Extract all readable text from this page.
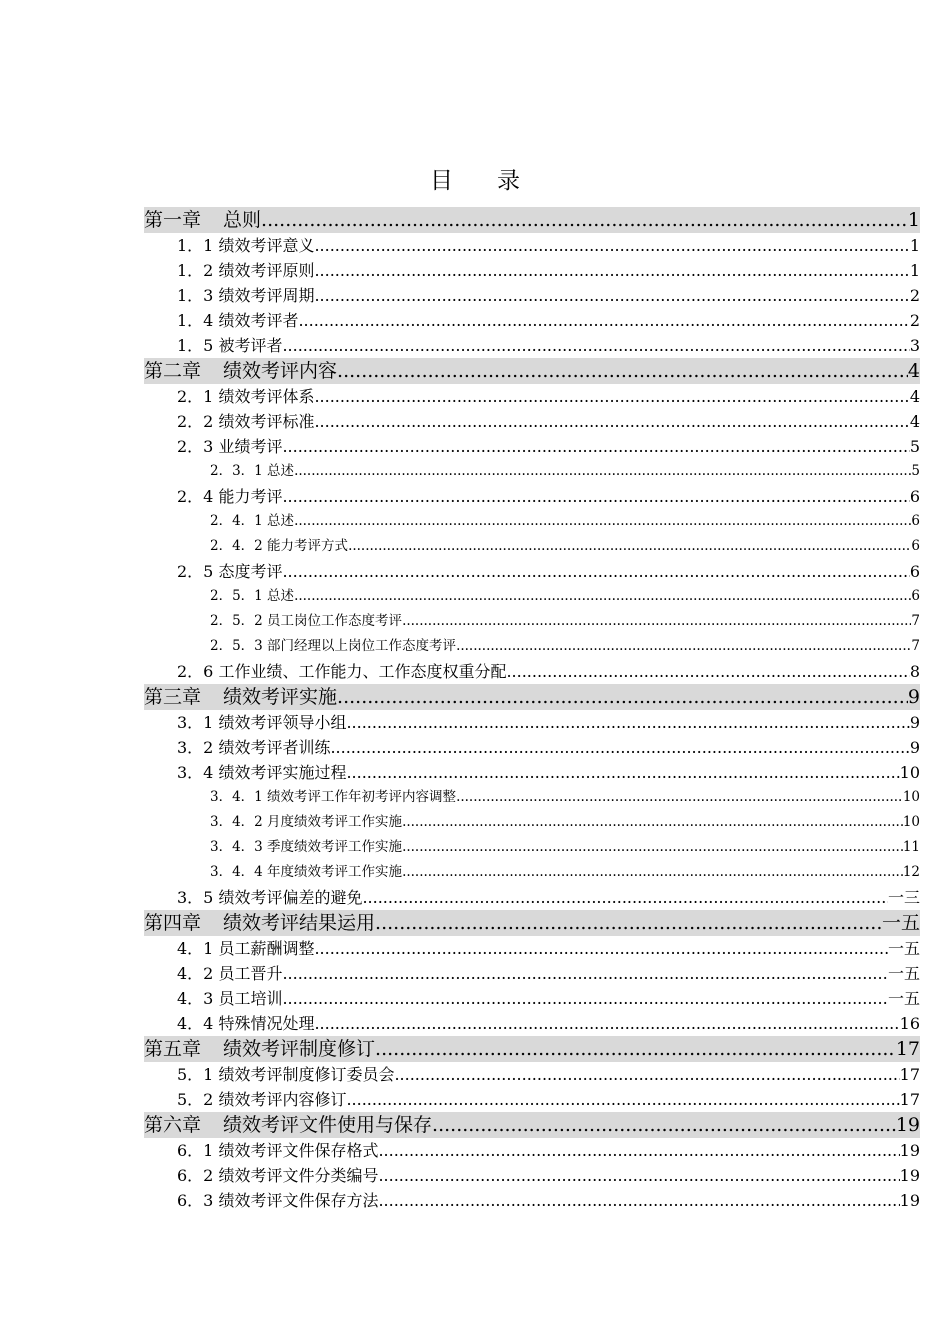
目 录
第一章 总则 .....	1
1．1 绩效考评意义 .....	1
1．2 绩效考评原则 .....	1
1．3 绩效考评周期 .....	2
1．4 绩效考评者 .....	2
1．5 被考评者 .....	3
第二章 绩效考评内容 .....	4
2．1 绩效考评体系 .....	4
2．2 绩效考评标准 .....	4
2．3 业绩考评 .....	5
2．3．1 总述 .....	5
2．4 能力考评 .....	6
2．4．1 总述 .....	6
2．4．2 能力考评方式 .....	6
2．5 态度考评 .....	6
2．5．1 总述 .....	6
2．5．2 员工岗位工作态度考评 .....	7
2．5．3 部门经理以上岗位工作态度考评 .....	7
2．6 工作业绩、工作能力、工作态度权重分配 .....	8
第三章 绩效考评实施 .....	9
3．1 绩效考评领导小组 .....	9
3．2 绩效考评者训练 .....	9
3．4 绩效考评实施过程 .....	10
3．4．1 绩效考评工作年初考评内容调整 .....	10
3．4．2 月度绩效考评工作实施 .....	10
3．4．3 季度绩效考评工作实施 .....	11
3．4．4 年度绩效考评工作实施 .....	12
3．5 绩效考评偏差的避免 .....	一三
第四章 绩效考评结果运用 .....	一五
4．1 员工薪酬调整 .....	一五
4．2 员工晋升 .....	一五
4．3 员工培训 .....	一五
4．4 特殊情况处理 .....	16
第五章 绩效考评制度修订 .....	17
5．1 绩效考评制度修订委员会 .....	17
5．2 绩效考评内容修订 .....	17
第六章 绩效考评文件使用与保存 .....	19
6．1 绩效考评文件保存格式 .....	19
6．2 绩效考评文件分类编号 .....	19
6．3 绩效考评文件保存方法 .....	19
